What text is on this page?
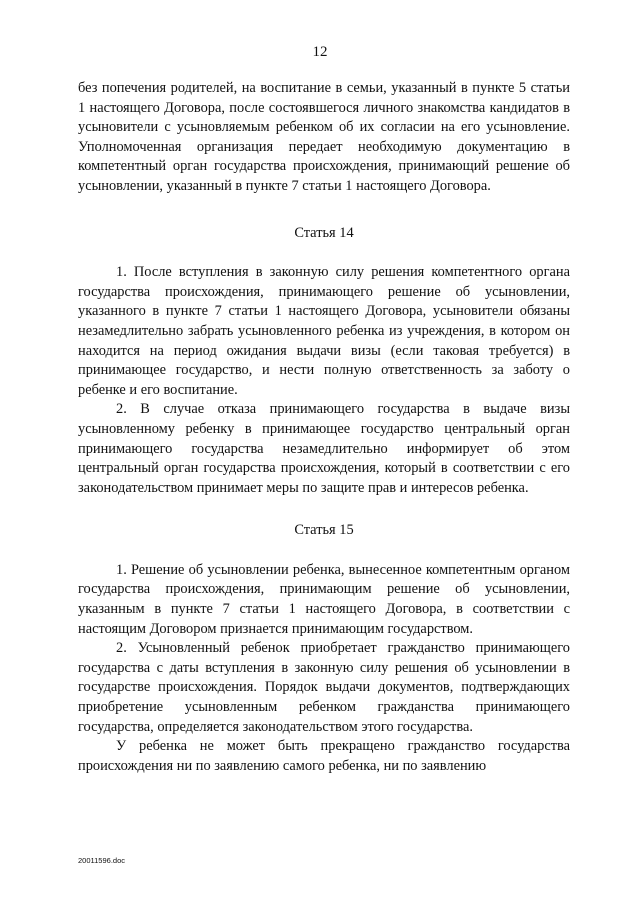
12

без попечения родителей, на воспитание в семьи, указанный в пункте 5 статьи 1 настоящего Договора, после состоявшегося личного знакомства кандидатов в усыновители с усыновляемым ребенком об их согласии на его усыновление. Уполномоченная организация передает необходимую документацию в компетентный орган государства происхождения, принимающий решение об усыновлении, указанный в пункте 7 статьи 1 настоящего Договора.

Статья 14

1. После вступления в законную силу решения компетентного органа государства происхождения, принимающего решение об усыновлении, указанного в пункте 7 статьи 1 настоящего Договора, усыновители обязаны незамедлительно забрать усыновленного ребенка из учреждения, в котором он находится на период ожидания выдачи визы (если таковая требуется) в принимающее государство, и нести полную ответственность за заботу о ребенке и его воспитание.

2. В случае отказа принимающего государства в выдаче визы усыновленному ребенку в принимающее государство центральный орган принимающего государства незамедлительно информирует об этом центральный орган государства происхождения, который в соответствии с его законодательством принимает меры по защите прав и интересов ребенка.

Статья 15

1. Решение об усыновлении ребенка, вынесенное компетентным органом государства происхождения, принимающим решение об усыновлении, указанным в пункте 7 статьи 1 настоящего Договора, в соответствии с настоящим Договором признается принимающим государством.

2. Усыновленный ребенок приобретает гражданство принимающего государства с даты вступления в законную силу решения об усыновлении в государстве происхождения. Порядок выдачи документов, подтверждающих приобретение усыновленным ребенком гражданства принимающего государства, определяется законодательством этого государства.

У ребенка не может быть прекращено гражданство государства происхождения ни по заявлению самого ребенка, ни по заявлению

20011596.doc
